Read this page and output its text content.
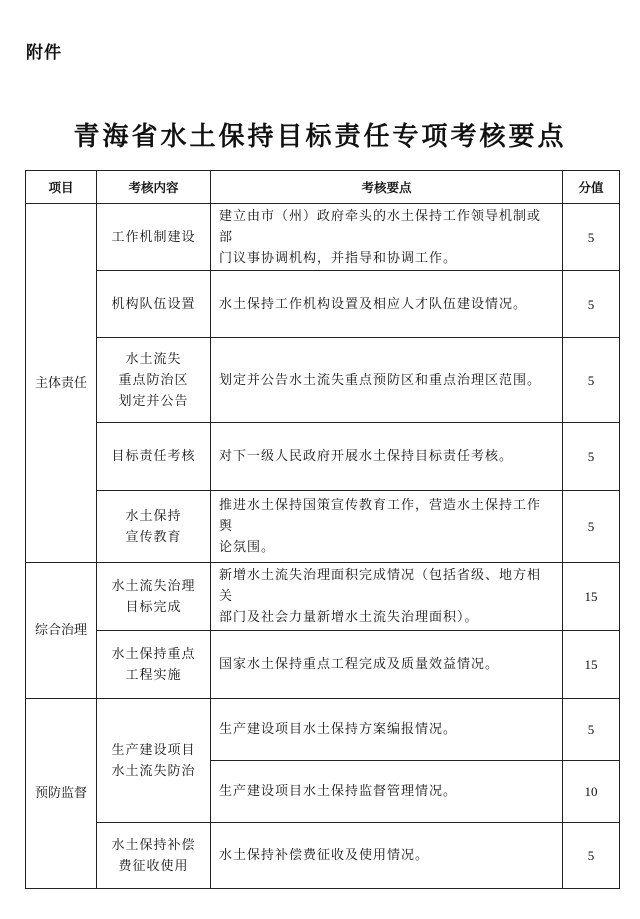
附件
青海省水土保持目标责任专项考核要点
项目	考核内容	考核要点	分值
主体责任	工作机制建设	建立由市（州）政府牵头的水土保持工作领导机制或部
门议事协调机构，并指导和协调工作。	5

	机构队伍设置	水土保持工作机构设置及相应人才队伍建设情况。	5

	水土流失
重点防治区
划定并公告	划定并公告水土流失重点预防区和重点治理区范围。	5

	目标责任考核	对下一级人民政府开展水土保持目标责任考核。	5

	水土保持
宣传教育	推进水土保持国策宣传教育工作，营造水土保持工作舆
论氛围。	5
综合治理	水土流失治理
目标完成	新增水土流失治理面积完成情况（包括省级、地方相关
部门及社会力量新增水土流失治理面积）。	15

	水土保持重点
工程实施	国家水土保持重点工程完成及质量效益情况。	15
预防监督	生产建设项目
水土流失防治	生产建设项目水土保持方案编报情况。	5

		生产建设项目水土保持监督管理情况。	10

	水土保持补偿
费征收使用	水土保持补偿费征收及使用情况。	5
